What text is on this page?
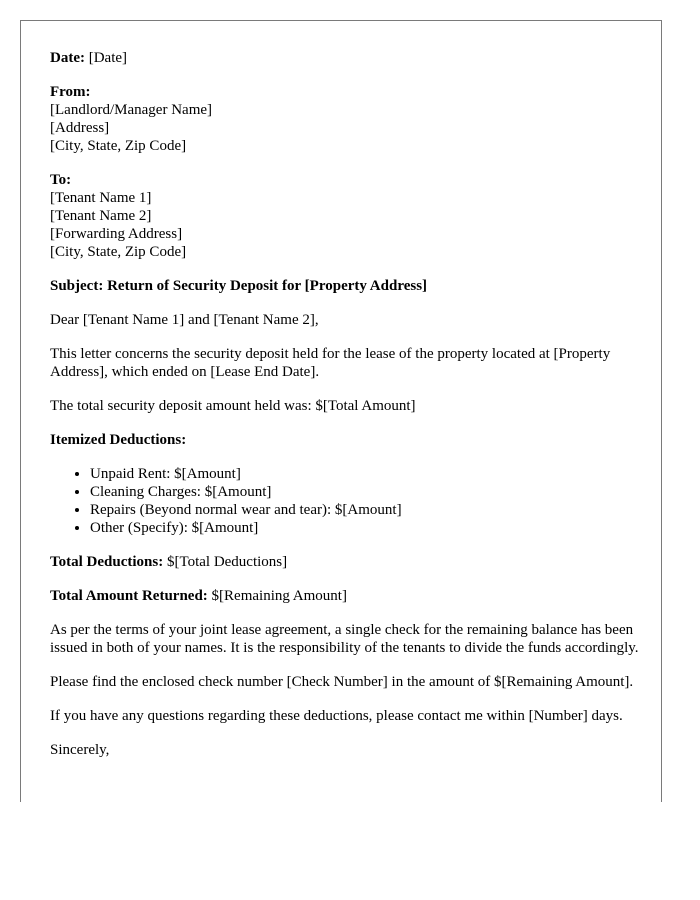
Date: [Date]

From:
[Landlord/Manager Name]
[Address]
[City, State, Zip Code]

To:
[Tenant Name 1]
[Tenant Name 2]
[Forwarding Address]
[City, State, Zip Code]

Subject: Return of Security Deposit for [Property Address]

Dear [Tenant Name 1] and [Tenant Name 2],

This letter concerns the security deposit held for the lease of the property located at [Property Address], which ended on [Lease End Date].

The total security deposit amount held was: $[Total Amount]

Itemized Deductions:

• Unpaid Rent: $[Amount]
• Cleaning Charges: $[Amount]
• Repairs (Beyond normal wear and tear): $[Amount]
• Other (Specify): $[Amount]

Total Deductions: $[Total Deductions]

Total Amount Returned: $[Remaining Amount]

As per the terms of your joint lease agreement, a single check for the remaining balance has been issued in both of your names. It is the responsibility of the tenants to divide the funds accordingly.

Please find the enclosed check number [Check Number] in the amount of $[Remaining Amount].

If you have any questions regarding these deductions, please contact me within [Number] days.

Sincerely,
